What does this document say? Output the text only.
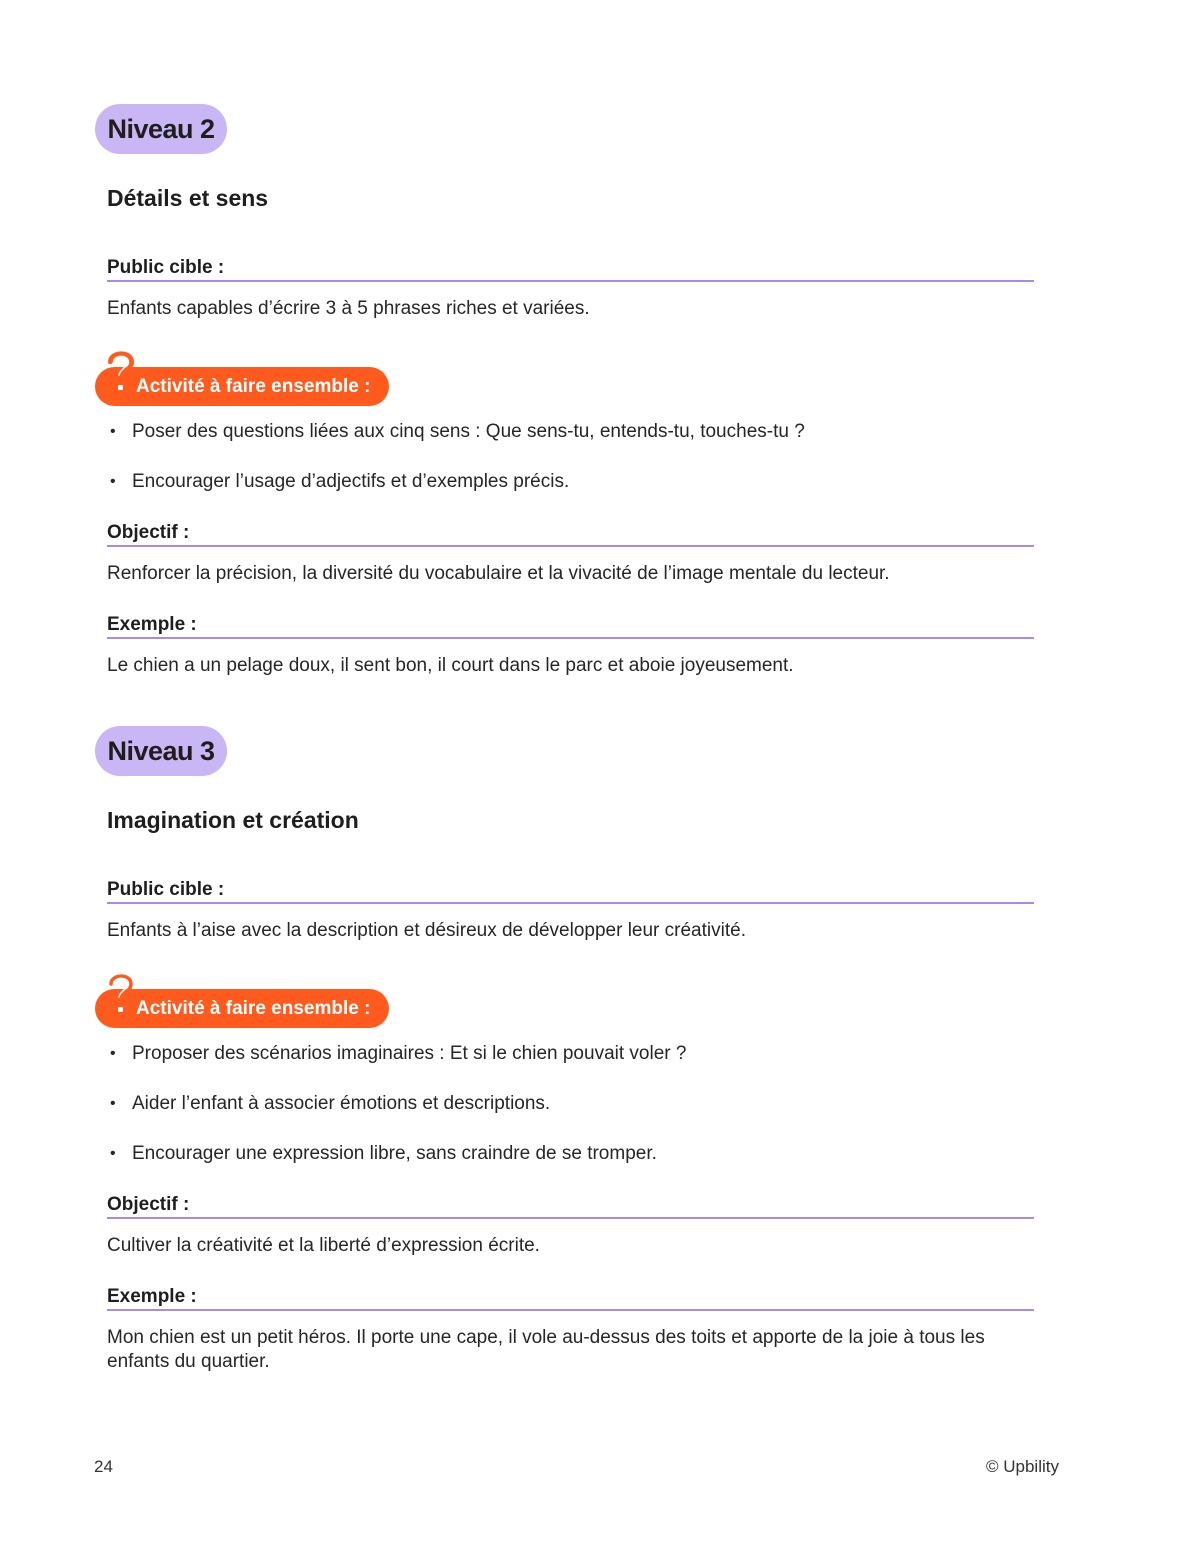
Niveau 2
Détails et sens
Public cible :
Enfants capables d’écrire 3 à 5 phrases riches et variées.
Activité à faire ensemble :
• Poser des questions liées aux cinq sens : Que sens-tu, entends-tu, touches-tu ?
• Encourager l’usage d’adjectifs et d’exemples précis.
Objectif :
Renforcer la précision, la diversité du vocabulaire et la vivacité de l’image mentale du lecteur.
Exemple :
Le chien a un pelage doux, il sent bon, il court dans le parc et aboie joyeusement.
Niveau 3
Imagination et création
Public cible :
Enfants à l’aise avec la description et désireux de développer leur créativité.
Activité à faire ensemble :
• Proposer des scénarios imaginaires : Et si le chien pouvait voler ?
• Aider l’enfant à associer émotions et descriptions.
• Encourager une expression libre, sans craindre de se tromper.
Objectif :
Cultiver la créativité et la liberté d’expression écrite.
Exemple :
Mon chien est un petit héros. Il porte une cape, il vole au-dessus des toits et apporte de la joie à tous les enfants du quartier.
24	© Upbility
